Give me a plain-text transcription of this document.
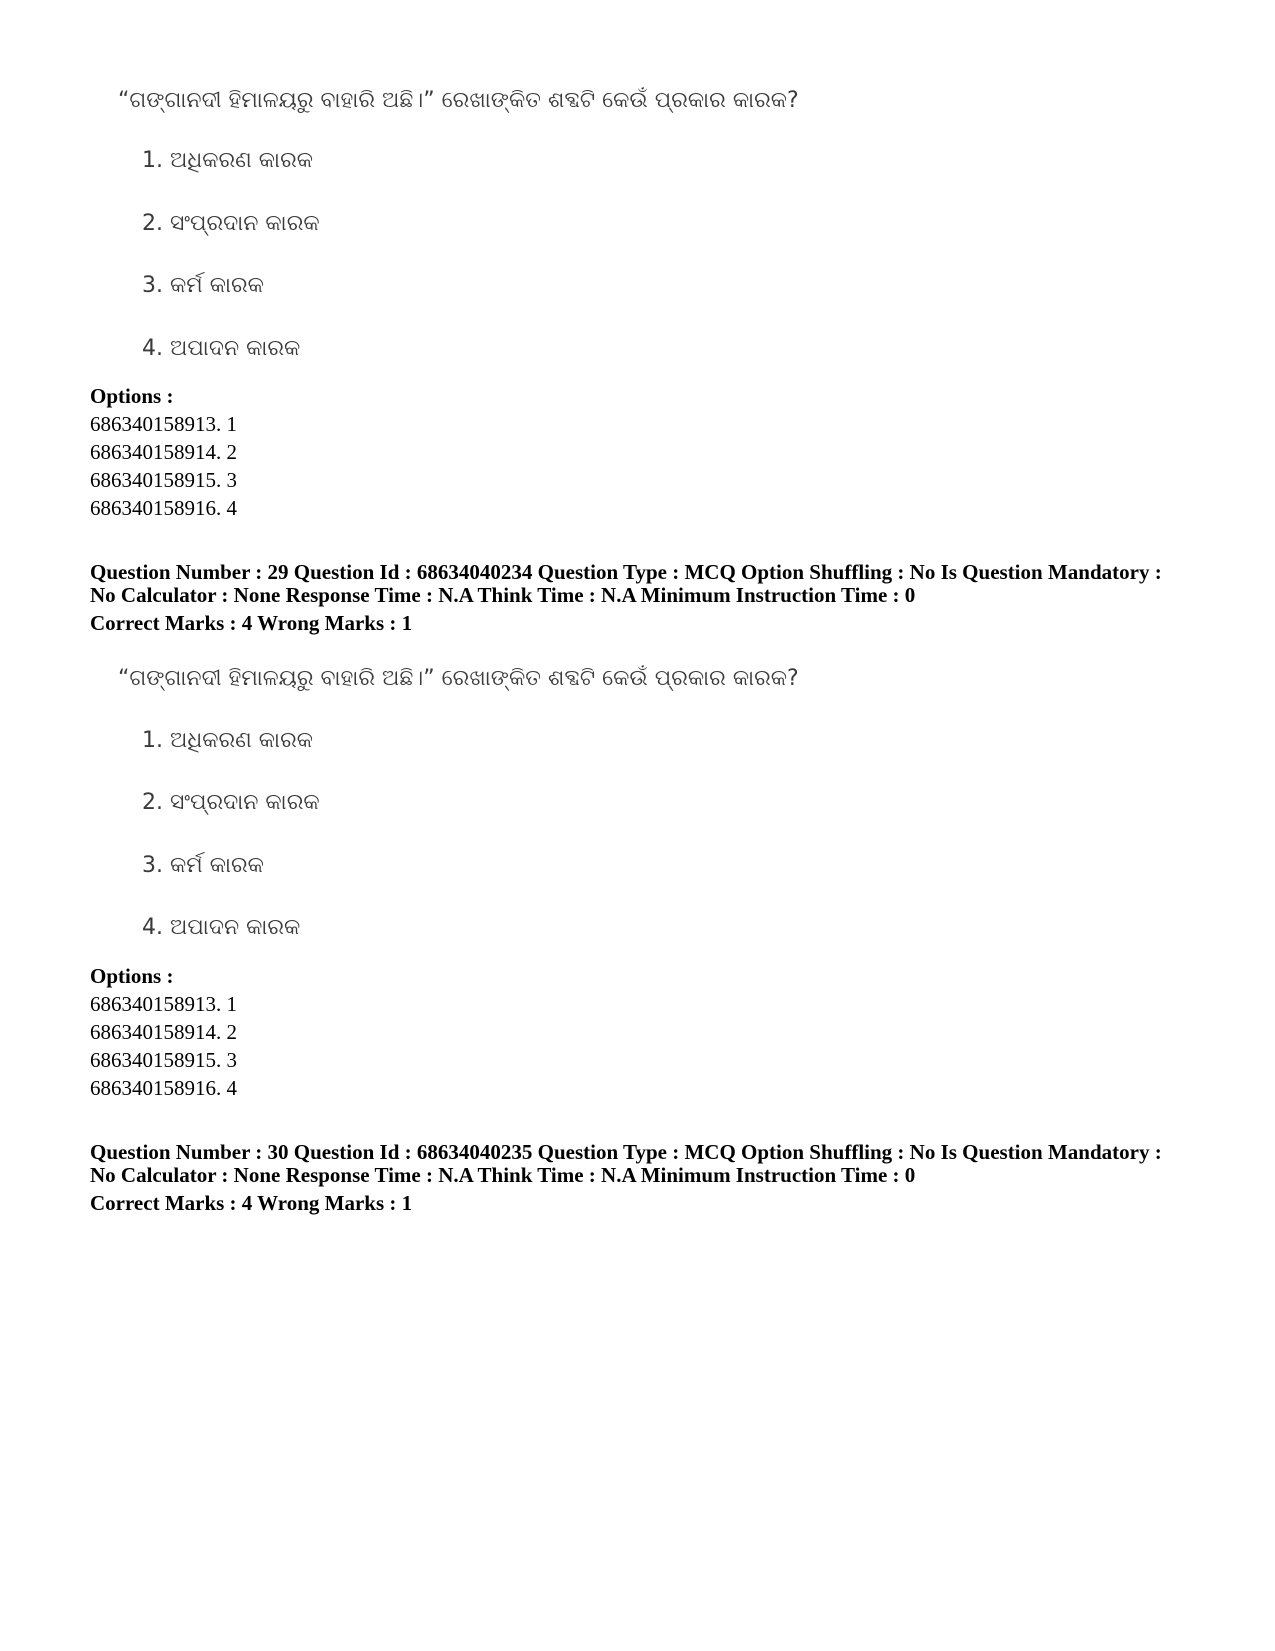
“ଗଙ୍ଗାନଦୀ ହିମାଳୟରୁ ବାହାରି ଅଛି।” ରେଖାଙ୍କିତ ଶବ୍ଦଟି କେଉଁ ପ୍ରକାର କାରକ?
1. ଅଧିକରଣ କାରକ
2. ସଂପ୍ରଦାନ କାରକ
3. କର୍ମ କାରକ
4. ଅପାଦନ କାରକ
Options :
686340158913. 1
686340158914. 2
686340158915. 3
686340158916. 4
Question Number : 29 Question Id : 68634040234 Question Type : MCQ Option Shuffling : No Is Question Mandatory :
No Calculator : None Response Time : N.A Think Time : N.A Minimum Instruction Time : 0
Correct Marks : 4 Wrong Marks : 1
“ଗଙ୍ଗାନଦୀ ହିମାଳୟରୁ ବାହାରି ଅଛି।” ରେଖାଙ୍କିତ ଶବ୍ଦଟି କେଉଁ ପ୍ରକାର କାରକ?
1. ଅଧିକରଣ କାରକ
2. ସଂପ୍ରଦାନ କାରକ
3. କର୍ମ କାରକ
4. ଅପାଦନ କାରକ
Options :
686340158913. 1
686340158914. 2
686340158915. 3
686340158916. 4
Question Number : 30 Question Id : 68634040235 Question Type : MCQ Option Shuffling : No Is Question Mandatory :
No Calculator : None Response Time : N.A Think Time : N.A Minimum Instruction Time : 0
Correct Marks : 4 Wrong Marks : 1
